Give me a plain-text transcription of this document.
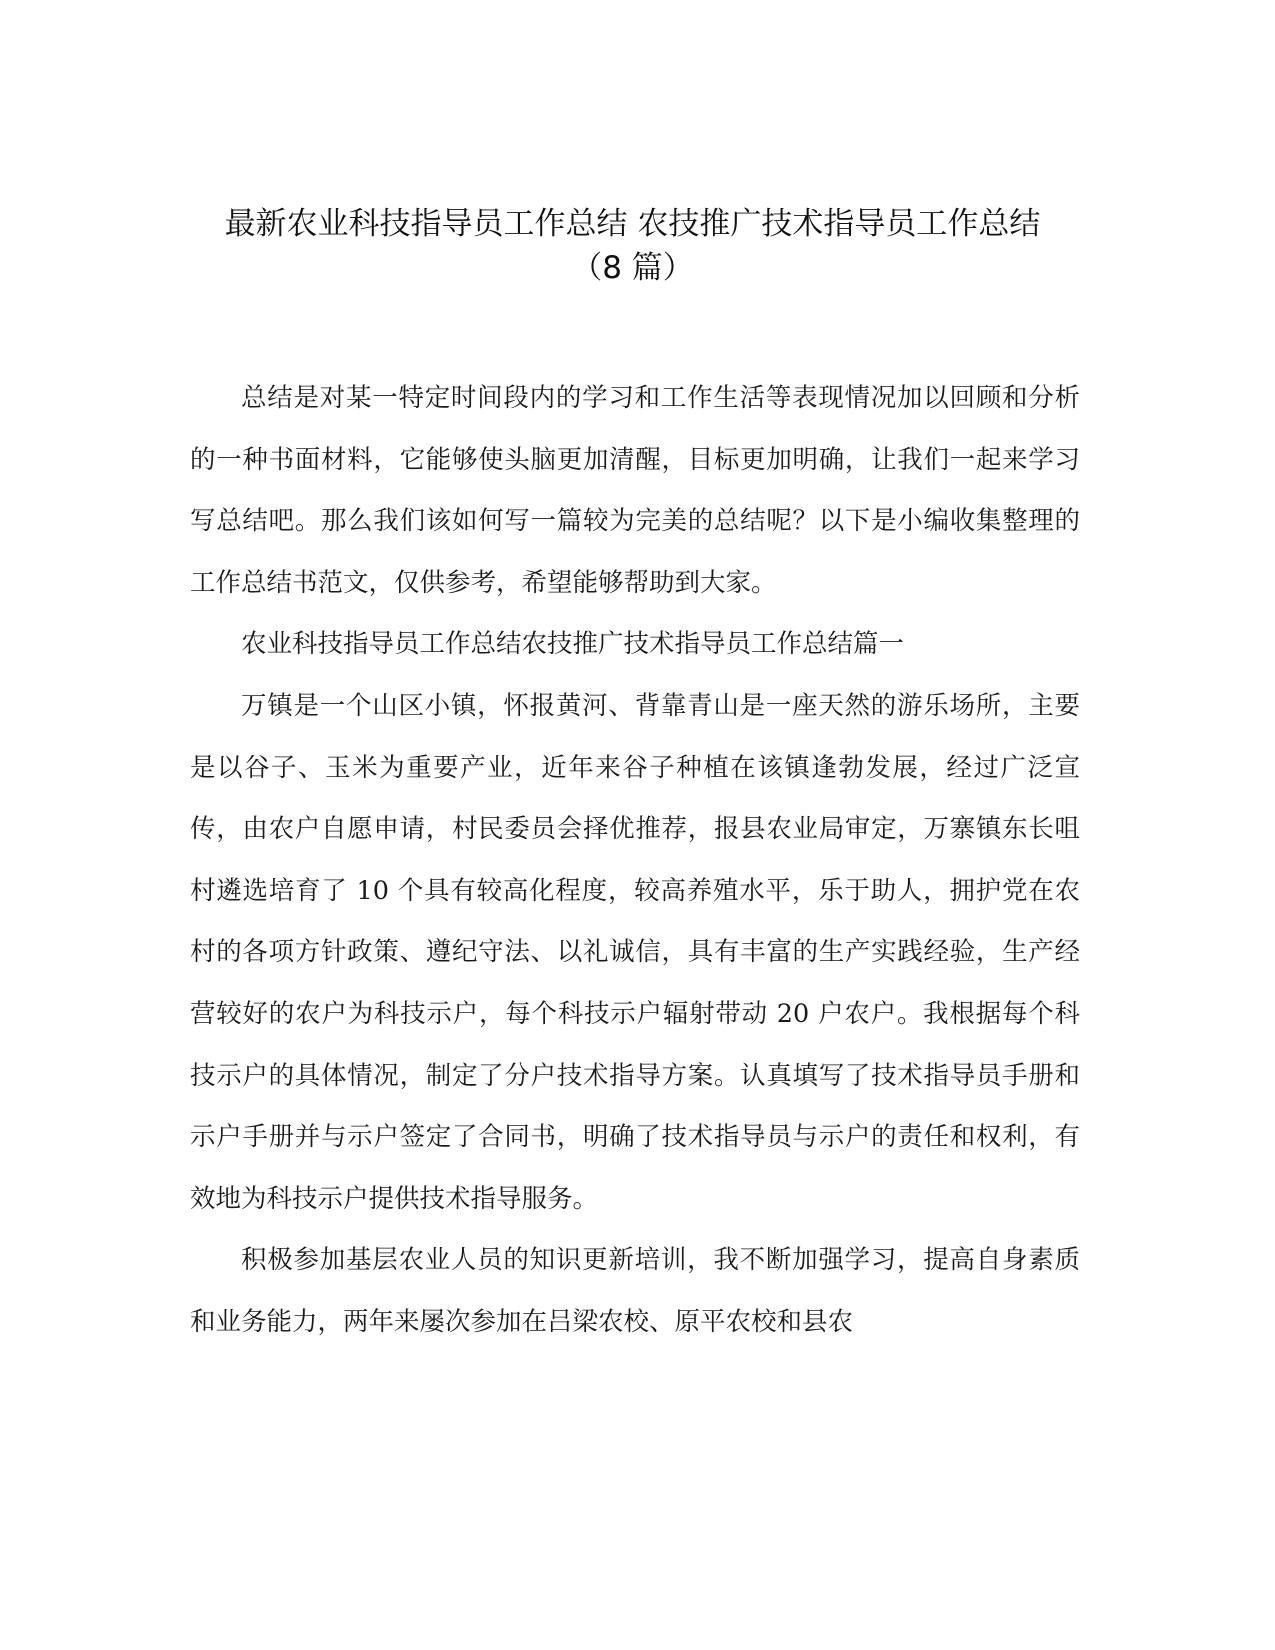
最新农业科技指导员工作总结 农技推广技术指导员工作总结
（8 篇）

总结是对某一特定时间段内的学习和工作生活等表现情况加以回顾和分析的一种书面材料，它能够使头脑更加清醒，目标更加明确，让我们一起来学习写总结吧。那么我们该如何写一篇较为完美的总结呢？以下是小编收集整理的工作总结书范文，仅供参考，希望能够帮助到大家。

农业科技指导员工作总结农技推广技术指导员工作总结篇一

万镇是一个山区小镇，怀报黄河、背靠青山是一座天然的游乐场所，主要是以谷子、玉米为重要产业，近年来谷子种植在该镇逢勃发展，经过广泛宣传，由农户自愿申请，村民委员会择优推荐，报县农业局审定，万寨镇东长咀村遴选培育了 10 个具有较高化程度，较高养殖水平，乐于助人，拥护党在农村的各项方针政策、遵纪守法、以礼诚信，具有丰富的生产实践经验，生产经营较好的农户为科技示户，每个科技示户辐射带动 20 户农户。我根据每个科技示户的具体情况，制定了分户技术指导方案。认真填写了技术指导员手册和示户手册并与示户签定了合同书，明确了技术指导员与示户的责任和权利，有效地为科技示户提供技术指导服务。

积极参加基层农业人员的知识更新培训，我不断加强学习，提高自身素质和业务能力，两年来屡次参加在吕梁农校、原平农校和县农
